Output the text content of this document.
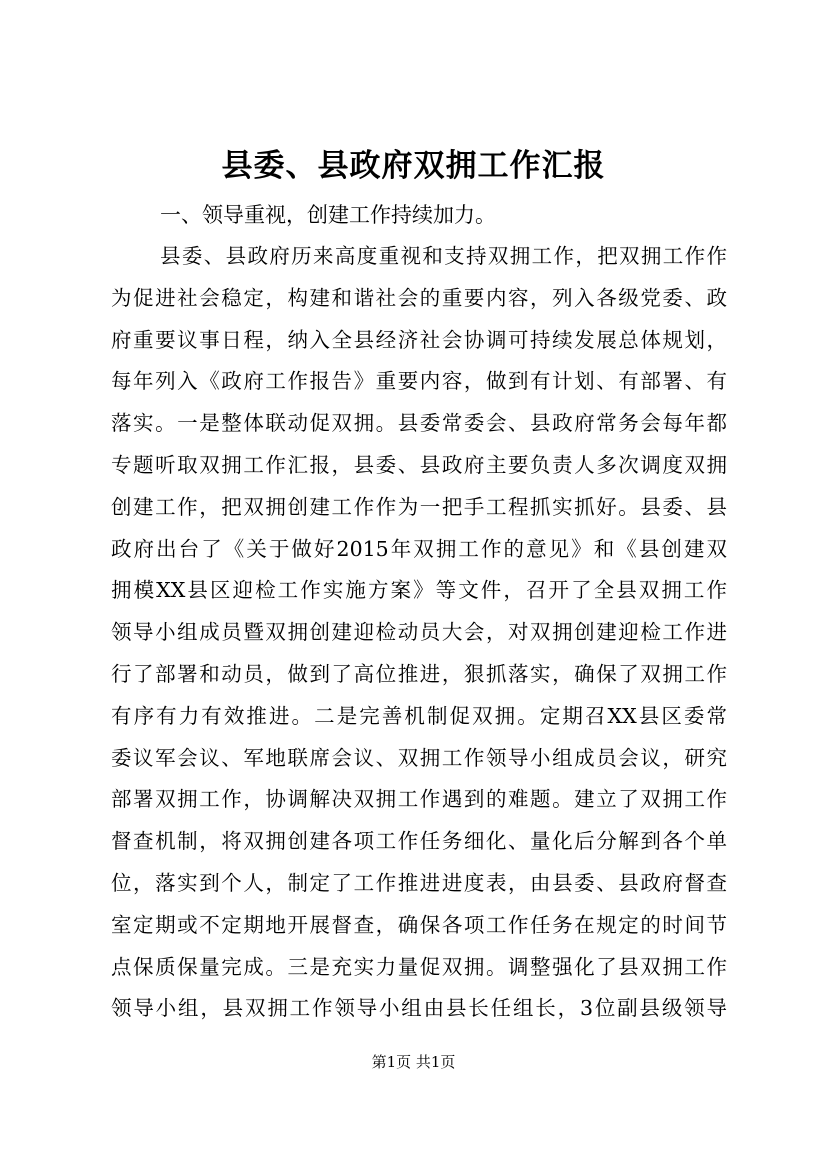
县委、县政府双拥工作汇报
一、领导重视，创建工作持续加力。
县委、县政府历来高度重视和支持双拥工作，把双拥工作作
为促进社会稳定，构建和谐社会的重要内容，列入各级党委、政
府重要议事日程，纳入全县经济社会协调可持续发展总体规划，
每年列入《政府工作报告》重要内容，做到有计划、有部署、有
落实。一是整体联动促双拥。县委常委会、县政府常务会每年都
专题听取双拥工作汇报，县委、县政府主要负责人多次调度双拥
创建工作，把双拥创建工作作为一把手工程抓实抓好。县委、县
政府出台了《关于做好2015年双拥工作的意见》和《县创建双
拥模XX县区迎检工作实施方案》等文件，召开了全县双拥工作
领导小组成员暨双拥创建迎检动员大会，对双拥创建迎检工作进
行了部署和动员，做到了高位推进，狠抓落实，确保了双拥工作
有序有力有效推进。二是完善机制促双拥。定期召XX县区委常
委议军会议、军地联席会议、双拥工作领导小组成员会议，研究
部署双拥工作，协调解决双拥工作遇到的难题。建立了双拥工作
督查机制，将双拥创建各项工作任务细化、量化后分解到各个单
位，落实到个人，制定了工作推进进度表，由县委、县政府督查
室定期或不定期地开展督查，确保各项工作任务在规定的时间节
点保质保量完成。三是充实力量促双拥。调整强化了县双拥工作
领导小组，县双拥工作领导小组由县长任组长，3位副县级领导
第1页 共1页
